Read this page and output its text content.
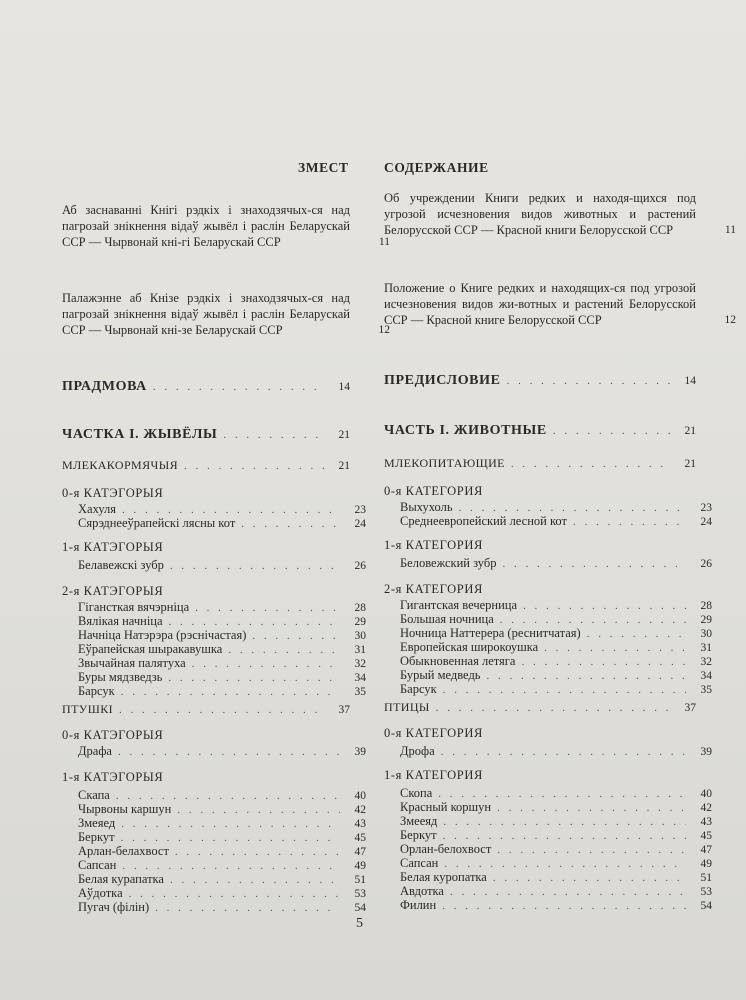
ЗМЕСТ
Аб заснаванні Кнігі рэдкіх і знаходзячых-ся над пагрозай знікнення відаў жывёл і раслін Беларускай ССР — Чырвонай кні-гі Беларускай ССР	11
Палажэнне аб Кнізе рэдкіх і знаходзячых-ся над пагрозай знікнення відаў жывёл і раслін Беларускай ССР — Чырвонай кні-зе Беларускай ССР	12
ПРАДМОВА . . .	14
ЧАСТКА I. ЖЫВЁЛЫ . . .	21
МЛЕКАКОРМЯЧЫЯ . . .	21
0-я КАТЭГОРЫЯ
Хахуля . . .	23
Сярэднееўрапейскі лясны кот . . .	24
1-я КАТЭГОРЫЯ
Белавежскі зубр . . .	26
2-я КАТЭГОРЫЯ
Гігансткая вячэрніца . . .	28
Вялікая начніца . . .	29
Начніца Натэрэра (рэснічастая) . . .	30
Еўрапейская шыракавушка . . .	31
Звычайная палятуха . . .	32
Буры мядзведзь . . .	34
Барсук . . .	35
ПТУШКІ . . .	37
0-я КАТЭГОРЫЯ
Драфа . . .	39
1-я КАТЭГОРЫЯ
Скапа . . .	40
Чырвоны каршун . . .	42
Змеяед . . .	43
Беркут . . .	45
Арлан-белахвост . . .	47
Сапсан . . .	49
Белая курапатка . . .	51
Аўдотка . . .	53
Пугач (філін) . . .	54
СОДЕРЖАНИЕ
Об учреждении Книги редких и находя-щихся под угрозой исчезновения видов животных и растений Белорусской ССР — Красной книги Белорусской ССР	11
Положение о Книге редких и находящих-ся под угрозой исчезновения видов жи-вотных и растений Белорусской ССР — Красной книге Белорусской ССР	12
ПРЕДИСЛОВИЕ . . .	14
ЧАСТЬ I. ЖИВОТНЫЕ . . .	21
МЛЕКОПИТАЮЩИЕ . . .	21
0-я КАТЕГОРИЯ
Выхухоль . . .	23
Среднеевропейский лесной кот . . .	24
1-я КАТЕГОРИЯ
Беловежский зубр . . .	26
2-я КАТЕГОРИЯ
Гигантская вечерница . . .	28
Большая ночница . . .	29
Ночница Наттерера (реснитчатая) . . .	30
Европейская широкоушка . . .	31
Обыкновенная летяга . . .	32
Бурый медведь . . .	34
Барсук . . .	35
ПТИЦЫ . . .	37
0-я КАТЕГОРИЯ
Дрофа . . .	39
1-я КАТЕГОРИЯ
Скопа . . .	40
Красный коршун . . .	42
Змееяд . . .	43
Беркут . . .	45
Орлан-белохвост . . .	47
Сапсан . . .	49
Белая куропатка . . .	51
Авдотка . . .	53
Филин . . .	54
5
